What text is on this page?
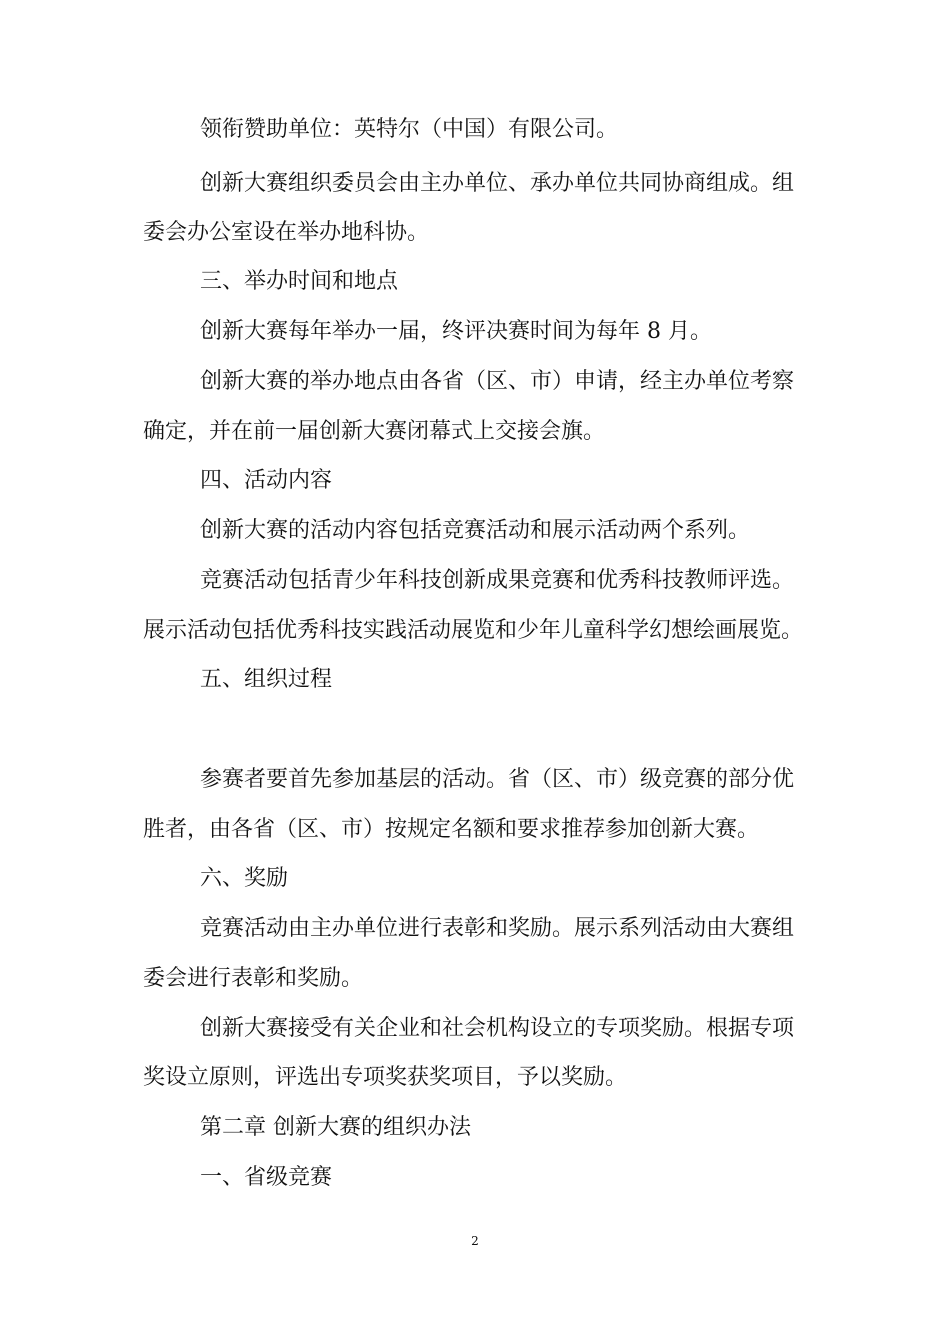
领衔赞助单位：英特尔（中国）有限公司。
创新大赛组织委员会由主办单位、承办单位共同协商组成。组
委会办公室设在举办地科协。
三、举办时间和地点
创新大赛每年举办一届，终评决赛时间为每年 8 月。
创新大赛的举办地点由各省（区、市）申请，经主办单位考察
确定，并在前一届创新大赛闭幕式上交接会旗。
四、活动内容
创新大赛的活动内容包括竞赛活动和展示活动两个系列。
竞赛活动包括青少年科技创新成果竞赛和优秀科技教师评选。
展示活动包括优秀科技实践活动展览和少年儿童科学幻想绘画展览。
五、组织过程
参赛者要首先参加基层的活动。省（区、市）级竞赛的部分优
胜者，由各省（区、市）按规定名额和要求推荐参加创新大赛。
六、奖励
竞赛活动由主办单位进行表彰和奖励。展示系列活动由大赛组
委会进行表彰和奖励。
创新大赛接受有关企业和社会机构设立的专项奖励。根据专项
奖设立原则，评选出专项奖获奖项目，予以奖励。
第二章 创新大赛的组织办法
一、省级竞赛
2
